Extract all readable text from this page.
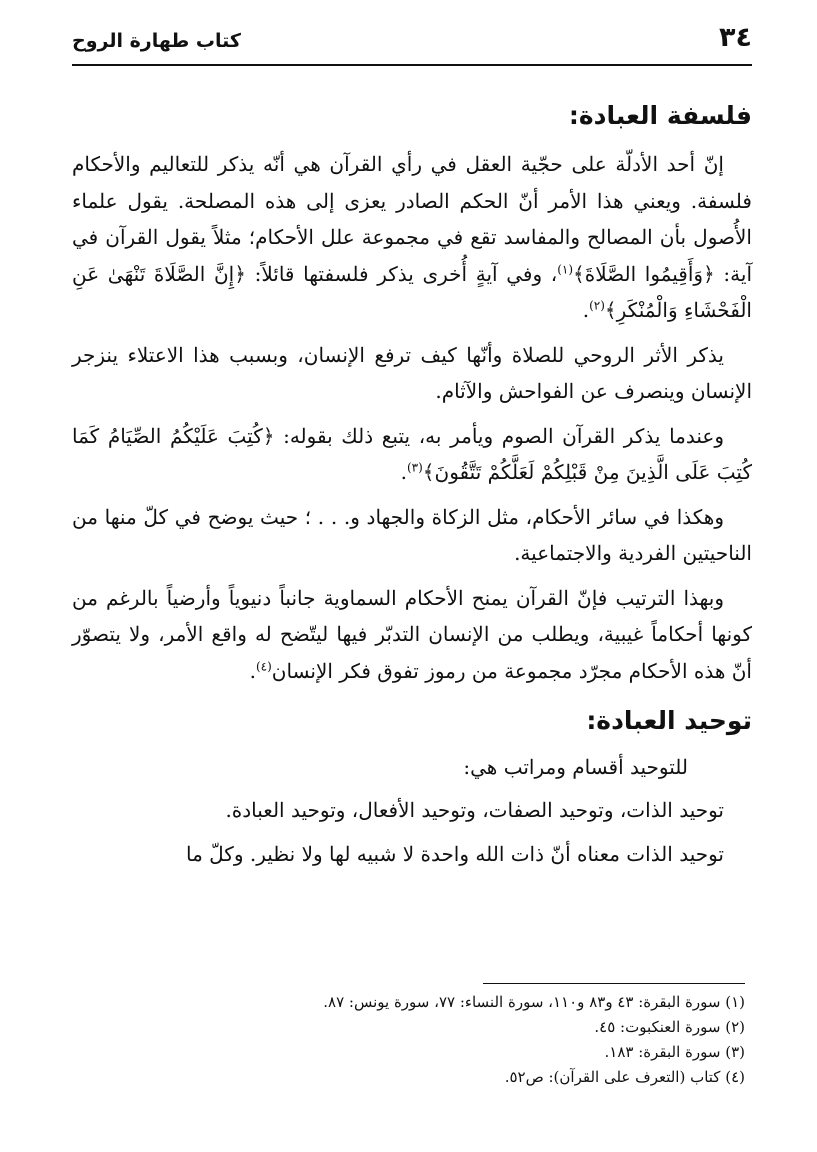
٣٤
كتاب طهارة الروح
فلسفة العبادة:

إنّ أحد الأدلّة على حجّية العقل في رأي القرآن هي أنّه يذكر للتعاليم والأحكام فلسفة. ويعني هذا الأمر أنّ الحكم الصادر يعزى إلى هذه المصلحة. يقول علماء الأُصول بأن المصالح والمفاسد تقع في مجموعة علل الأحكام؛ مثلاً يقول القرآن في آية: ﴿وَأَقِيمُوا الصَّلَاةَ﴾$^{(١)}$، وفي آيةٍ أُخرى يذكر فلسفتها قائلاً: ﴿إِنَّ الصَّلَاةَ تَنْهَىٰ عَنِ الْفَحْشَاءِ وَالْمُنْكَرِ﴾$^{(٢)}$.

يذكر الأثر الروحي للصلاة وأنّها كيف ترفع الإنسان، وبسبب هذا الاعتلاء ينزجر الإنسان وينصرف عن الفواحش والآثام.

وعندما يذكر القرآن الصوم ويأمر به، يتبع ذلك بقوله: ﴿كُتِبَ عَلَيْكُمُ الصِّيَامُ كَمَا كُتِبَ عَلَى الَّذِينَ مِنْ قَبْلِكُمْ لَعَلَّكُمْ تَتَّقُونَ﴾$^{(٣)}$.

وهكذا في سائر الأحكام، مثل الزكاة والجهاد و. . . ؛ حيث يوضح في كلّ منها من الناحيتين الفردية والاجتماعية.

وبهذا الترتيب فإنّ القرآن يمنح الأحكام السماوية جانباً دنيوياً وأرضياً بالرغم من كونها أحكاماً غيبية، ويطلب من الإنسان التدبّر فيها ليتّضح له واقع الأمر، ولا يتصوّر أنّ هذه الأحكام مجرّد مجموعة من رموز تفوق فكر الإنسان$^{(٤)}$.

توحيد العبادة:

للتوحيد أقسام ومراتب هي:

توحيد الذات، وتوحيد الصفات، وتوحيد الأفعال، وتوحيد العبادة.

توحيد الذات معناه أنّ ذات الله واحدة لا شبيه لها ولا نظير. وكلّ ما

(١) سورة البقرة: ٤٣ و٨٣ و١١٠، سورة النساء: ٧٧، سورة يونس: ٨٧.
(٢) سورة العنكبوت: ٤٥.
(٣) سورة البقرة: ١٨٣.
(٤) كتاب (التعرف على القرآن): ص٥٢.
